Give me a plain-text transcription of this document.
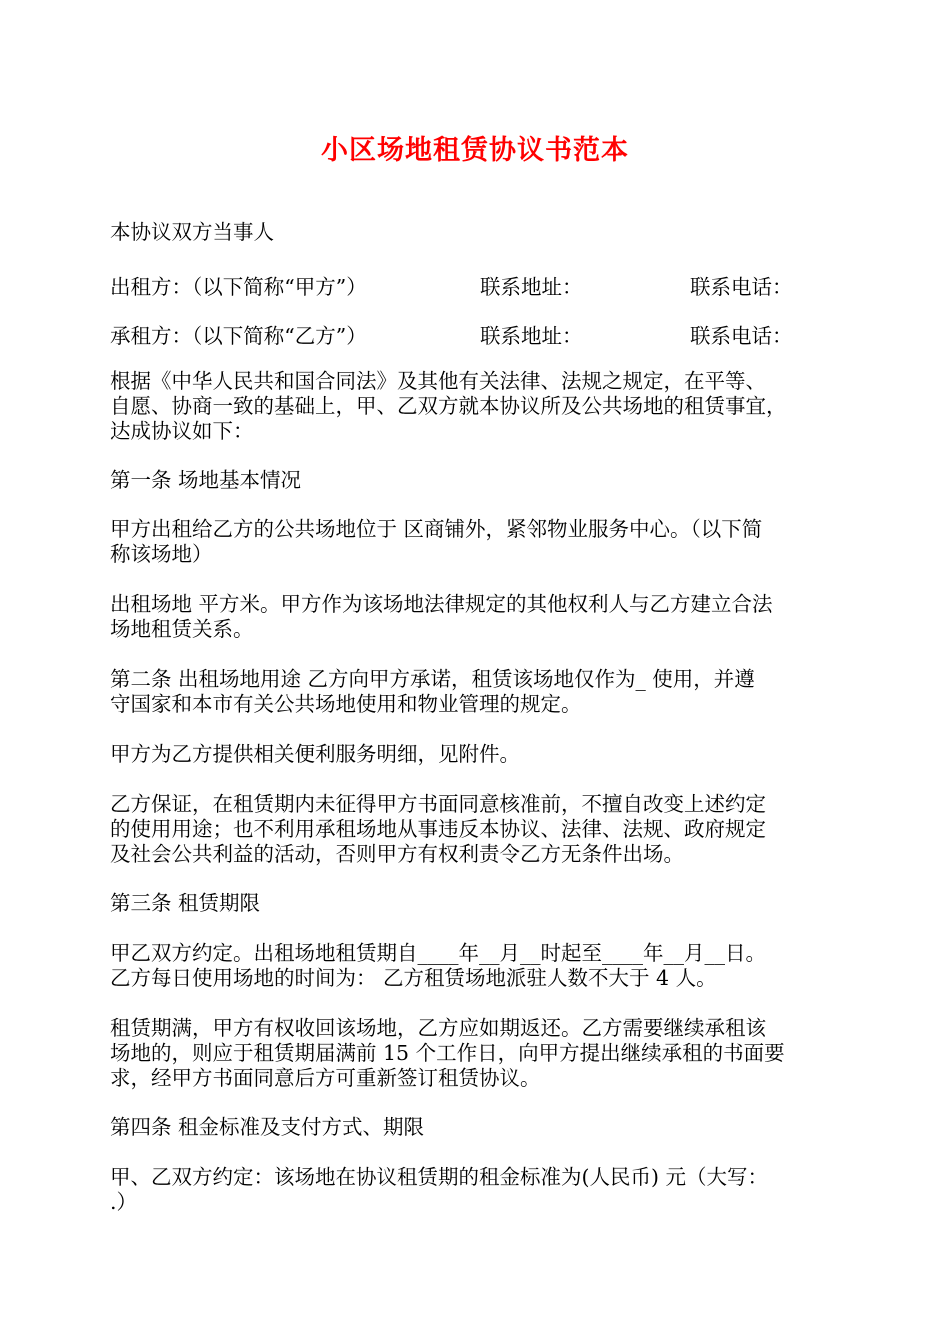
小区场地租赁协议书范本

本协议双方当事人

出租方：（以下简称“甲方”）	联系地址：	联系电话：
承租方：（以下简称“乙方”）	联系地址：	联系电话：

根据《中华人民共和国合同法》及其他有关法律、法规之规定，在平等、
自愿、协商一致的基础上，甲、乙双方就本协议所及公共场地的租赁事宜，
达成协议如下：

第一条 场地基本情况

甲方出租给乙方的公共场地位于 区商铺外，紧邻物业服务中心。（以下简
称该场地）

出租场地 平方米。甲方作为该场地法律规定的其他权利人与乙方建立合法
场地租赁关系。

第二条 出租场地用途 乙方向甲方承诺，租赁该场地仅作为_ 使用，并遵
守国家和本市有关公共场地使用和物业管理的规定。

甲方为乙方提供相关便利服务明细，见附件。

乙方保证，在租赁期内未征得甲方书面同意核准前，不擅自改变上述约定
的使用用途；也不利用承租场地从事违反本协议、法律、法规、政府规定
及社会公共利益的活动，否则甲方有权利责令乙方无条件出场。

第三条 租赁期限

甲乙双方约定。出租场地租赁期自____年__月__时起至____年__月__日。
乙方每日使用场地的时间为： 乙方租赁场地派驻人数不大于 4 人。

租赁期满，甲方有权收回该场地，乙方应如期返还。乙方需要继续承租该
场地的，则应于租赁期届满前 15 个工作日，向甲方提出继续承租的书面要
求，经甲方书面同意后方可重新签订租赁协议。

第四条 租金标准及支付方式、期限

甲、乙双方约定：该场地在协议租赁期的租金标准为(人民币) 元（大写：
.）
